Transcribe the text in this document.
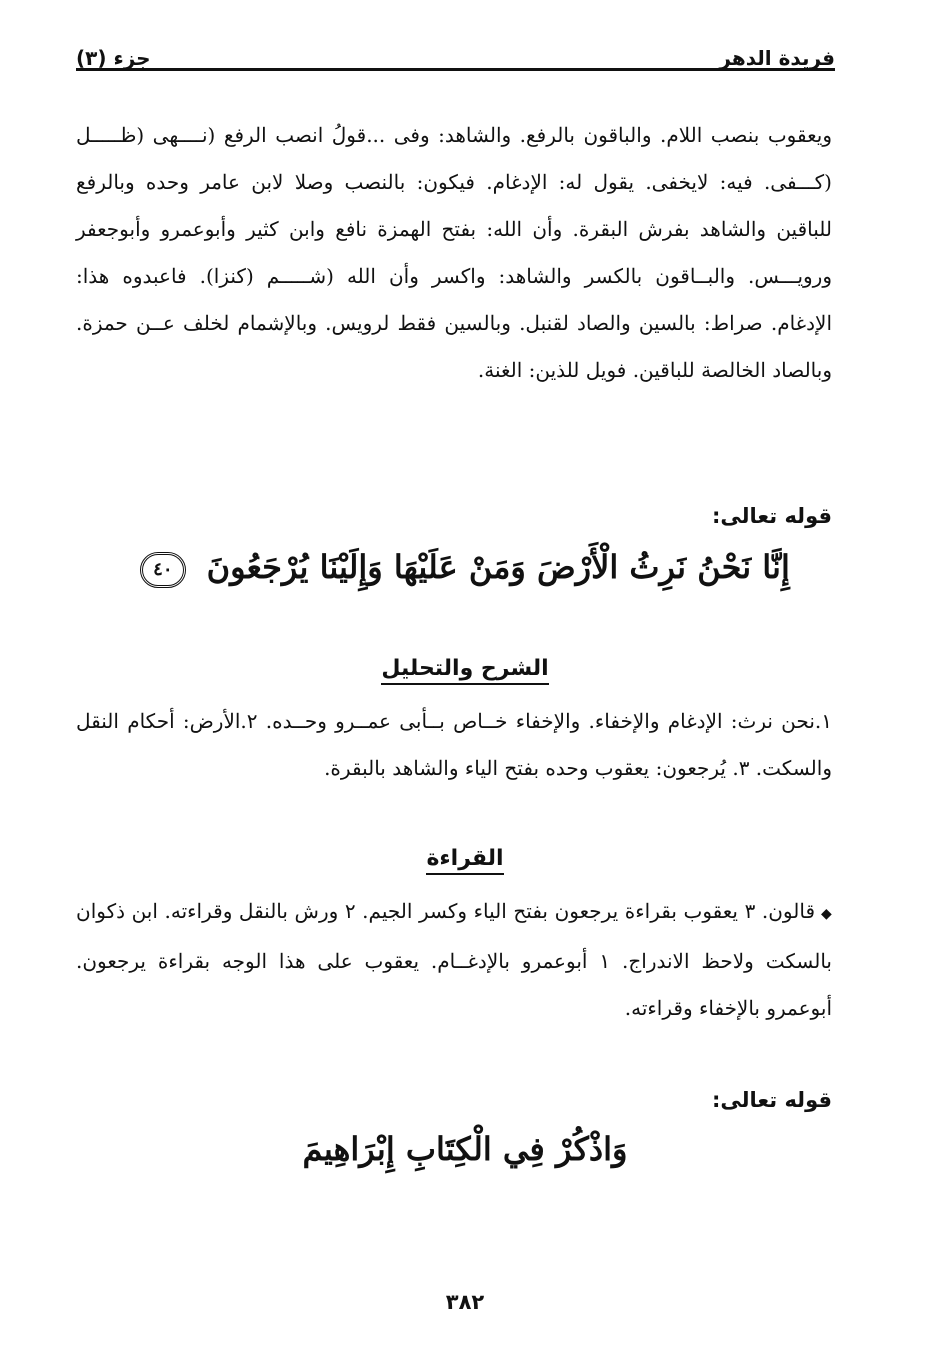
فريدة الدهر
جزء (٣)

ويعقوب بنصب اللام. والباقون بالرفع. والشاهد: وفى ...قولُ انصب الرفع (نــــهى (ظـــــل (كـــفى. فيه: لايخفى. يقول له: الإدغام. فيكون: بالنصب وصلا لابن عامر وحده وبالرفع للباقين والشاهد بفرش البقرة. وأن الله: بفتح الهمزة نافع وابن كثير وأبوعمرو وأبوجعفر ورويـــس. والبــاقون بالكسر والشاهد: واكسر وأن الله (شـــــم (كنزا). فاعبدوه هذا: الإدغام. صراط: بالسين والصاد لقنبل. وبالسين فقط لرويس. وبالإشمام لخلف عــن حمزة. وبالصاد الخالصة للباقين. فويل للذين: الغنة.

قوله تعالى:

إِنَّا نَحْنُ نَرِثُ الْأَرْضَ وَمَنْ عَلَيْهَا وَإِلَيْنَا يُرْجَعُونَ ٤٠
الشرح والتحليل

١.نحن نرث: الإدغام والإخفاء. والإخفاء خــاص بــأبى عمــرو وحــده. ٢.الأرض: أحكام النقل والسكت. ٣. يُرجعون: يعقوب وحده بفتح الياء والشاهد بالبقرة.

القراءة

◆قالون. ٣ يعقوب بقراءة يرجعون بفتح الياء وكسر الجيم. ٢ ورش بالنقل وقراءته. ابن ذكوان بالسكت ولاحظ الاندراج. ١ أبوعمرو بالإدغــام. يعقوب على هذا الوجه بقراءة يرجعون. أبوعمرو بالإخفاء وقراءته.

قوله تعالى:

وَاذْكُرْ فِي الْكِتَابِ إِبْرَاهِيمَ
٣٨٢
